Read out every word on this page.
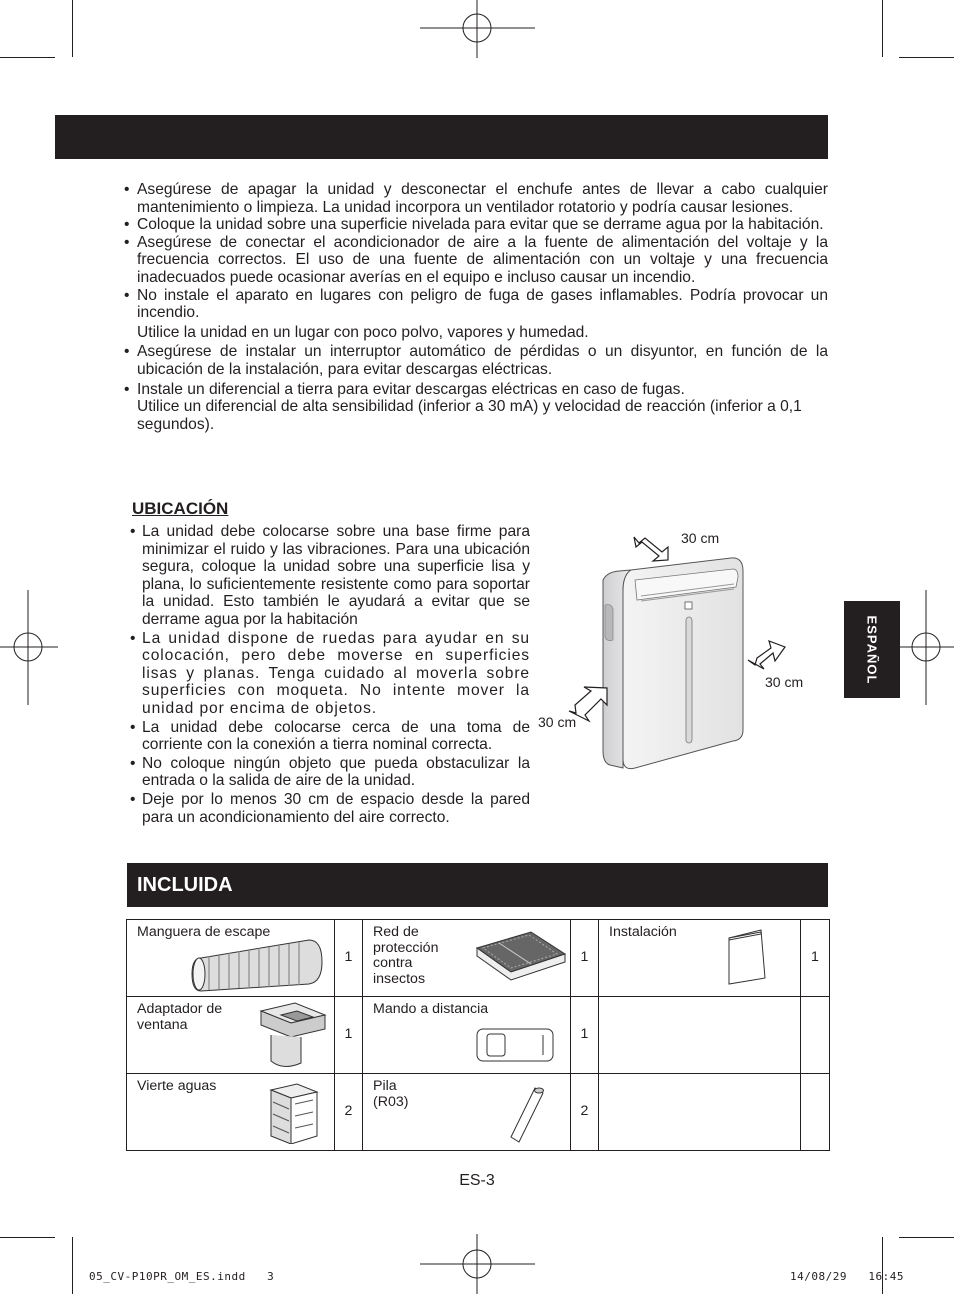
• Asegúrese de apagar la unidad y desconectar el enchufe antes de llevar a cabo cualquier mantenimiento o limpieza. La unidad incorpora un ventilador rotatorio y podría causar lesiones.

• Coloque la unidad sobre una superficie nivelada para evitar que se derrame agua por la habitación.

• Asegúrese de conectar el acondicionador de aire a la fuente de alimentación del voltaje y la frecuencia correctos. El uso de una fuente de alimentación con un voltaje y una frecuencia inadecuados puede ocasionar averías en el equipo e incluso causar un incendio.

• No instale el aparato en lugares con peligro de fuga de gases inflamables. Podría provocar un incendio.

Utilice la unidad en un lugar con poco polvo, vapores y humedad.

• Asegúrese de instalar un interruptor automático de pérdidas o un disyuntor, en función de la ubicación de la instalación, para evitar descargas eléctricas.

• Instale un diferencial a tierra para evitar descargas eléctricas en caso de fugas.

Utilice un diferencial de alta sensibilidad (inferior a 30 mA) y velocidad de reacción (inferior a 0,1 segundos).

UBICACIÓN

• La unidad debe colocarse sobre una base firme para minimizar el ruido y las vibraciones. Para una ubicación segura, coloque la unidad sobre una superficie lisa y plana, lo suficientemente resistente como para soportar la unidad. Esto también le ayudará a evitar que se derrame agua por la habitación

• La unidad dispone de ruedas para ayudar en su colocación, pero debe moverse en superficies lisas y planas. Tenga cuidado al moverla sobre superficies con moqueta. No intente mover la unidad por encima de objetos.

• La unidad debe colocarse cerca de una toma de corriente con la conexión a tierra nominal correcta.

• No coloque ningún objeto que pueda obstaculizar la entrada o la salida de aire de la unidad.

• Deje por lo menos 30 cm de espacio desde la pared para un acondicionamiento del aire correcto.

30 cm
30 cm
30 cm
ESPAÑOL
INCLUIDA
Manguera de escape	1	Red de
protección
contra
insectos	1	Instalación	1

Adaptador de
ventana	1	Mando a distancia	1	

Vierte aguas	2	Pila
(R03)	2	

ES-3
05_CV-P10PR_OM_ES.indd   3	14/08/29   16:45
